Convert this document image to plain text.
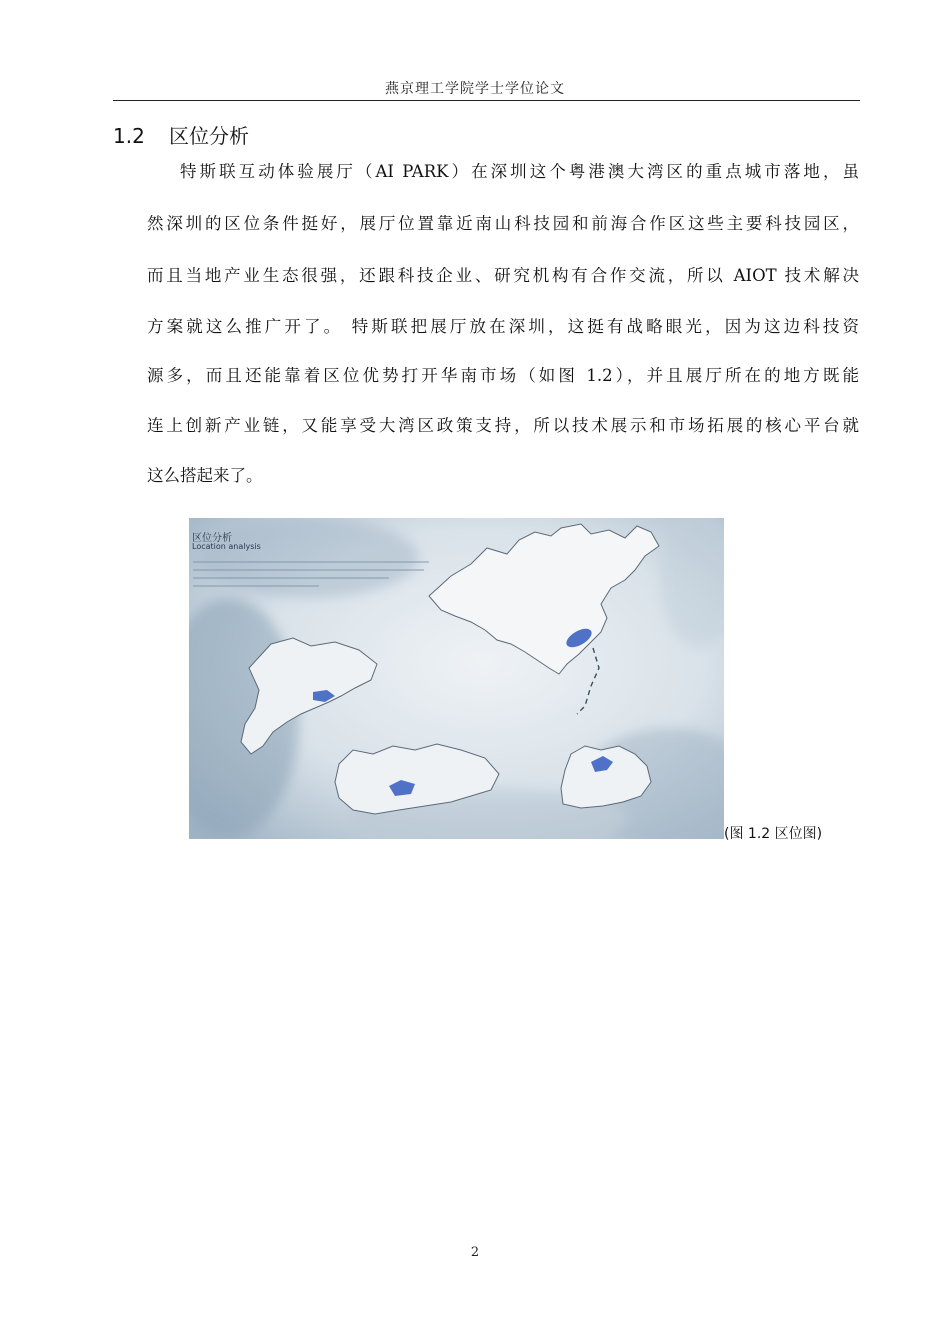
燕京理工学院学士学位论文
1.2 区位分析
特斯联互动体验展厅（AI PARK）在深圳这个粤港澳大湾区的重点城市落地，虽
然深圳的区位条件挺好，展厅位置靠近南山科技园和前海合作区这些主要科技园区，
而且当地产业生态很强，还跟科技企业、研究机构有合作交流，所以 AIOT 技术解决
方案就这么推广开了。 特斯联把展厅放在深圳，这挺有战略眼光，因为这边科技资
源多，而且还能靠着区位优势打开华南市场（如图 1.2），并且展厅所在的地方既能
连上创新产业链，又能享受大湾区政策支持，所以技术展示和市场拓展的核心平台就
这么搭起来了。
区位分析
Location analysis
(图 1.2 区位图)
2
